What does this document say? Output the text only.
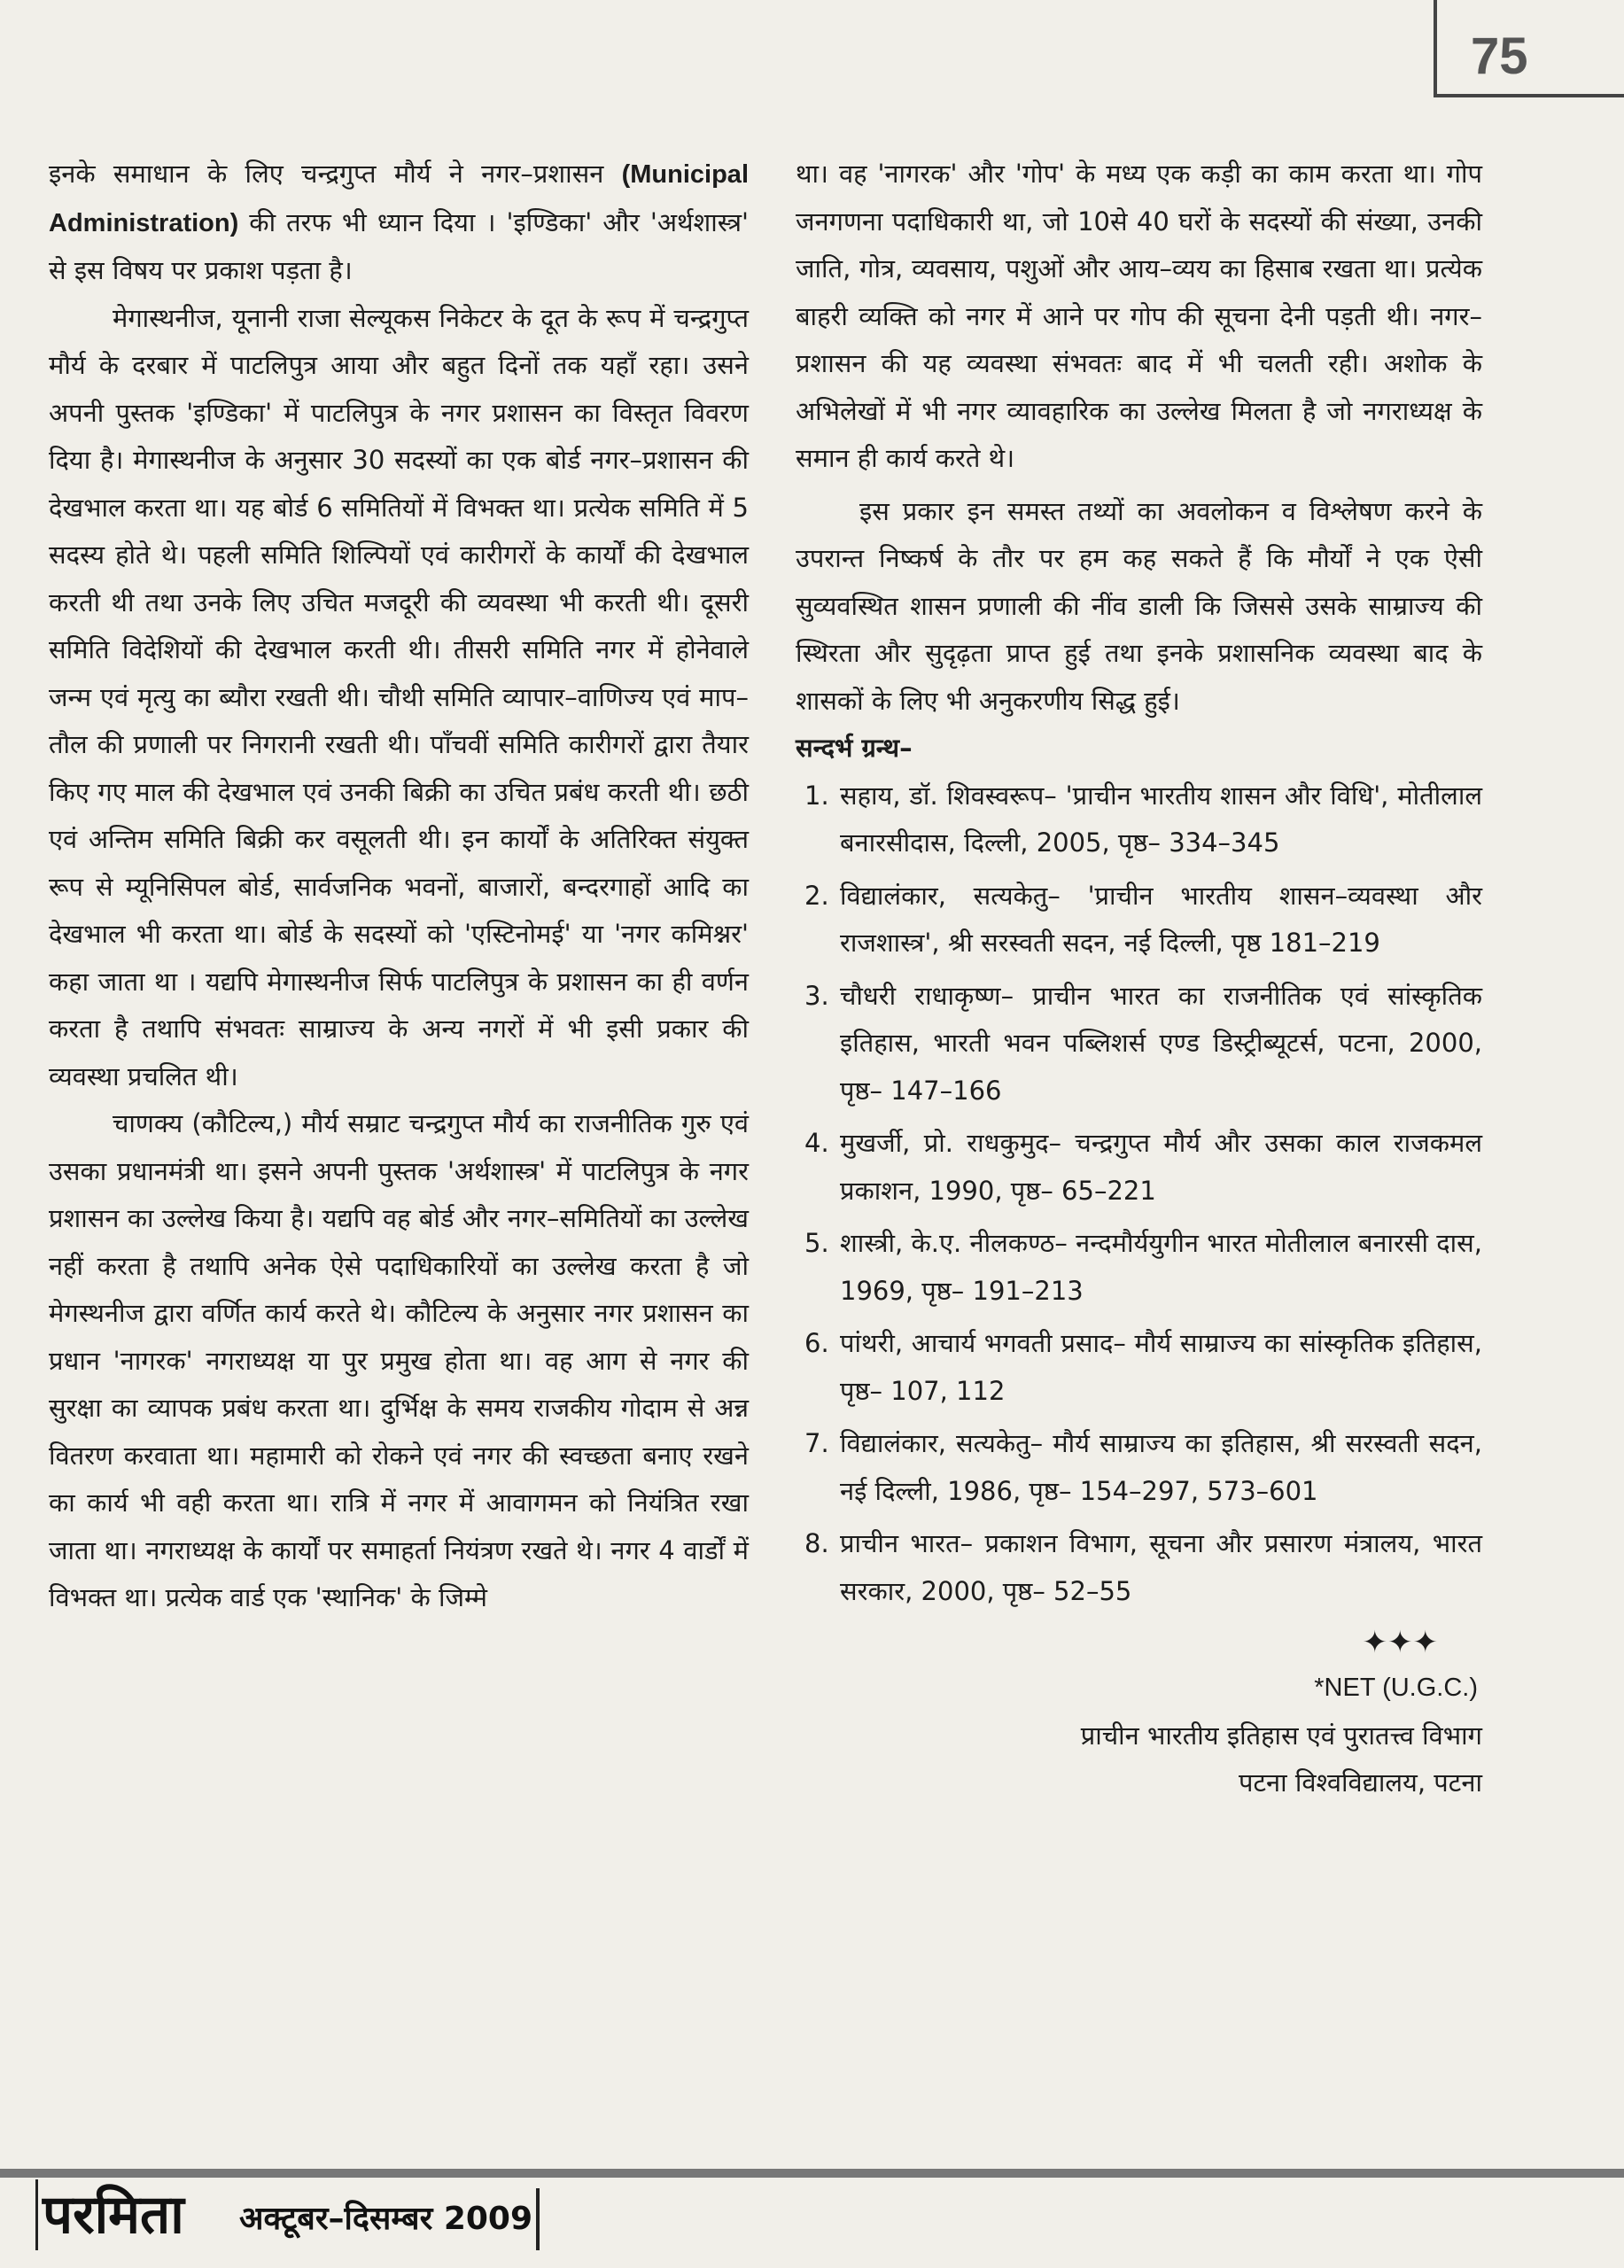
75

इनके समाधान के लिए चन्द्रगुप्त मौर्य ने नगर–प्रशासन (Municipal Administration) की तरफ भी ध्यान दिया । 'इण्डिका' और 'अर्थशास्त्र' से इस विषय पर प्रकाश पड़ता है।

मेगास्थनीज, यूनानी राजा सेल्यूकस निकेटर के दूत के रूप में चन्द्रगुप्त मौर्य के दरबार में पाटलिपुत्र आया और बहुत दिनों तक यहाँ रहा। उसने अपनी पुस्तक 'इण्डिका' में पाटलिपुत्र के नगर प्रशासन का विस्तृत विवरण दिया है। मेगास्थनीज के अनुसार 30 सदस्यों का एक बोर्ड नगर–प्रशासन की देखभाल करता था। यह बोर्ड 6 समितियों में विभक्त था। प्रत्येक समिति में 5 सदस्य होते थे। पहली समिति शिल्पियों एवं कारीगरों के कार्यों की देखभाल करती थी तथा उनके लिए उचित मजदूरी की व्यवस्था भी करती थी। दूसरी समिति विदेशियों की देखभाल करती थी। तीसरी समिति नगर में होनेवाले जन्म एवं मृत्यु का ब्यौरा रखती थी। चौथी समिति व्यापार–वाणिज्य एवं माप–तौल की प्रणाली पर निगरानी रखती थी। पाँचवीं समिति कारीगरों द्वारा तैयार किए गए माल की देखभाल एवं उनकी बिक्री का उचित प्रबंध करती थी। छठी एवं अन्तिम समिति बिक्री कर वसूलती थी। इन कार्यों के अतिरिक्त संयुक्त रूप से म्यूनिसिपल बोर्ड, सार्वजनिक भवनों, बाजारों, बन्दरगाहों आदि का देखभाल भी करता था। बोर्ड के सदस्यों को 'एस्टिनोमई' या 'नगर कमिश्नर' कहा जाता था । यद्यपि मेगास्थनीज सिर्फ पाटलिपुत्र के प्रशासन का ही वर्णन करता है तथापि संभवतः साम्राज्य के अन्य नगरों में भी इसी प्रकार की व्यवस्था प्रचलित थी।

चाणक्य (कौटिल्य,) मौर्य सम्राट चन्द्रगुप्त मौर्य का राजनीतिक गुरु एवं उसका प्रधानमंत्री था। इसने अपनी पुस्तक 'अर्थशास्त्र' में पाटलिपुत्र के नगर प्रशासन का उल्लेख किया है। यद्यपि वह बोर्ड और नगर–समितियों का उल्लेख नहीं करता है तथापि अनेक ऐसे पदाधिकारियों का उल्लेख करता है जो मेगस्थनीज द्वारा वर्णित कार्य करते थे। कौटिल्य के अनुसार नगर प्रशासन का प्रधान 'नागरक' नगराध्यक्ष या पुर प्रमुख होता था। वह आग से नगर की सुरक्षा का व्यापक प्रबंध करता था। दुर्भिक्ष के समय राजकीय गोदाम से अन्न वितरण करवाता था। महामारी को रोकने एवं नगर की स्वच्छता बनाए रखने का कार्य भी वही करता था। रात्रि में नगर में आवागमन को नियंत्रित रखा जाता था। नगराध्यक्ष के कार्यों पर समाहर्ता नियंत्रण रखते थे। नगर 4 वार्डों में विभक्त था। प्रत्येक वार्ड एक 'स्थानिक' के जिम्मे

था। वह 'नागरक' और 'गोप' के मध्य एक कड़ी का काम करता था। गोप जनगणना पदाधिकारी था, जो 10से 40 घरों के सदस्यों की संख्या, उनकी जाति, गोत्र, व्यवसाय, पशुओं और आय–व्यय का हिसाब रखता था। प्रत्येक बाहरी व्यक्ति को नगर में आने पर गोप की सूचना देनी पड़ती थी। नगर–प्रशासन की यह व्यवस्था संभवतः बाद में भी चलती रही। अशोक के अभिलेखों में भी नगर व्यावहारिक का उल्लेख मिलता है जो नगराध्यक्ष के समान ही कार्य करते थे।

इस प्रकार इन समस्त तथ्यों का अवलोकन व विश्लेषण करने के उपरान्त निष्कर्ष के तौर पर हम कह सकते हैं कि मौर्यों ने एक ऐसी सुव्यवस्थित शासन प्रणाली की नींव डाली कि जिससे उसके साम्राज्य की स्थिरता और सुदृढ़ता प्राप्त हुई तथा इनके प्रशासनिक व्यवस्था बाद के शासकों के लिए भी अनुकरणीय सिद्ध हुई।

सन्दर्भ ग्रन्थ–

1. सहाय, डॉ. शिवस्वरूप– 'प्राचीन भारतीय शासन और विधि', मोतीलाल बनारसीदास, दिल्ली, 2005, पृष्ठ– 334–345
2. विद्यालंकार, सत्यकेतु– 'प्राचीन भारतीय शासन–व्यवस्था और राजशास्त्र', श्री सरस्वती सदन, नई दिल्ली, पृष्ठ 181–219
3. चौधरी राधाकृष्ण– प्राचीन भारत का राजनीतिक एवं सांस्कृतिक इतिहास, भारती भवन पब्लिशर्स एण्ड डिस्ट्रीब्यूटर्स, पटना, 2000, पृष्ठ– 147–166
4. मुखर्जी, प्रो. राधकुमुद– चन्द्रगुप्त मौर्य और उसका काल राजकमल प्रकाशन, 1990, पृष्ठ– 65–221
5. शास्त्री, के.ए. नीलकण्ठ– नन्दमौर्ययुगीन भारत मोतीलाल बनारसी दास, 1969, पृष्ठ– 191–213
6. पांथरी, आचार्य भगवती प्रसाद– मौर्य साम्राज्य का सांस्कृतिक इतिहास, पृष्ठ– 107, 112
7. विद्यालंकार, सत्यकेतु– मौर्य साम्राज्य का इतिहास, श्री सरस्वती सदन, नई दिल्ली, 1986, पृष्ठ– 154–297, 573–601
8. प्राचीन भारत– प्रकाशन विभाग, सूचना और प्रसारण मंत्रालय, भारत सरकार, 2000, पृष्ठ– 52–55
✦✦✦
*NET (U.G.C.)
प्राचीन भारतीय इतिहास एवं पुरातत्त्व विभाग
पटना विश्वविद्यालय, पटना
परमिता अक्टूबर–दिसम्बर 2009
